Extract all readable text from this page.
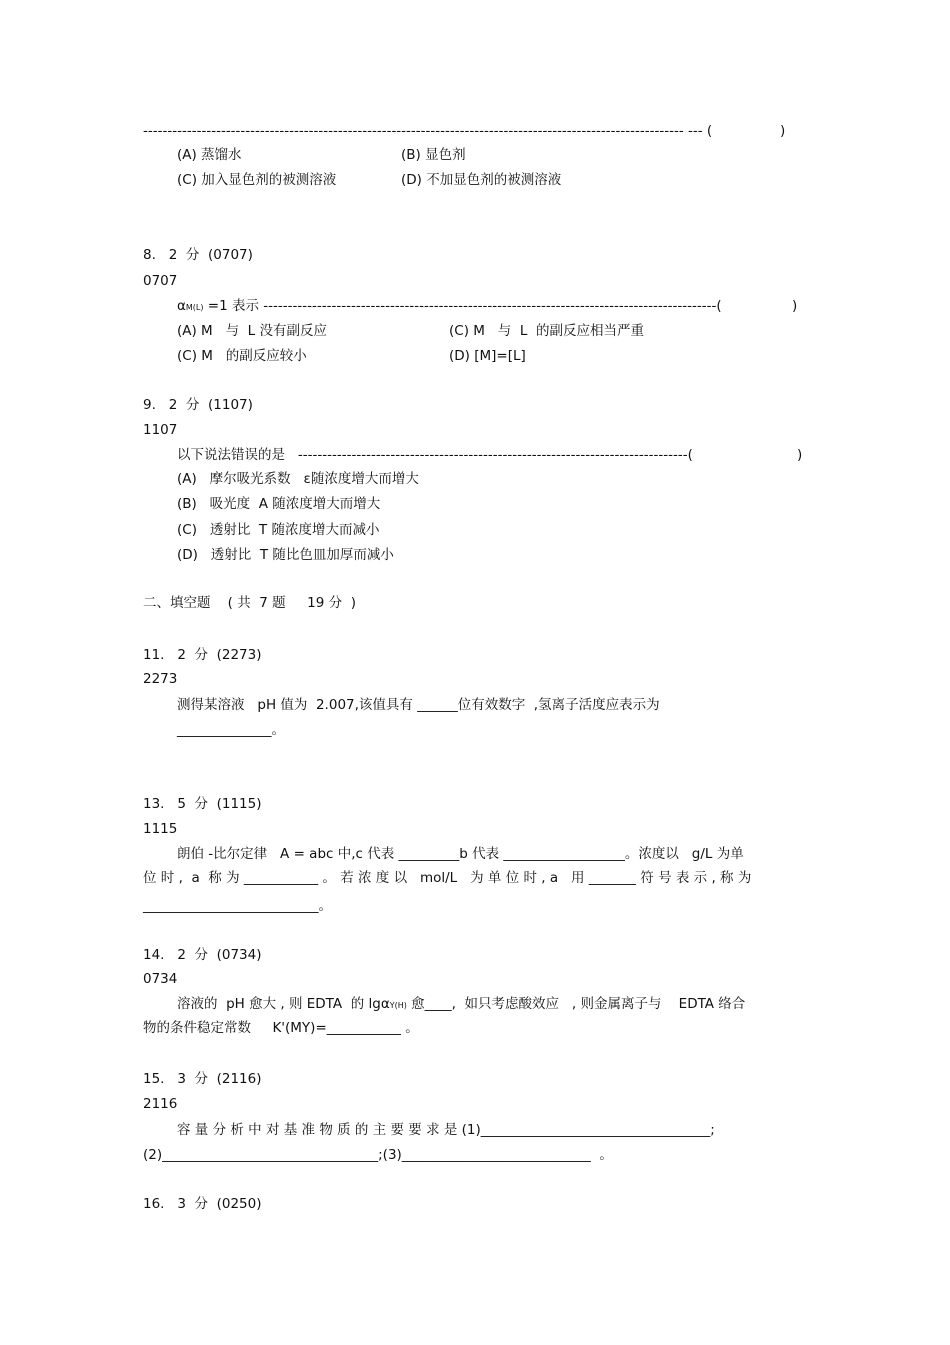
--------------------------------------------------------------------------------------------------------------- --- (	)
(A) 蒸馏水	(B) 显色剂
(C) 加入显色剂的被测溶液	(D) 不加显色剂的被测溶液
8.   2  分  (0707)
0707
αM(L) =1 表示 ---------------------------------------------------------------------------------------------(	)
(A) M   与  L 没有副反应	(C) M   与  L  的副反应相当严重
(C) M   的副反应较小	(D) [M]=[L]
9.   2  分  (1107)
1107
以下说法错误的是   --------------------------------------------------------------------------------(	)
(A)   摩尔吸光系数   ε随浓度增大而增大
(B)   吸光度  A 随浓度增大而增大
(C)   透射比  T 随浓度增大而减小
(D)   透射比  T 随比色皿加厚而减小
二、填空题    ( 共  7 题     19 分  )
11.   2  分  (2273)
2273
测得某溶液   pH 值为  2.007,该值具有 ______位有效数字  ,氢离子活度应表示为
______________。
13.   5  分  (1115)
1115
朗伯 -比尔定律   A = abc 中,c 代表 _________b 代表 __________________。浓度以   g/L 为单
位 时 ,  a  称 为 ___________ 。 若 浓 度 以   mol/L   为 单 位 时 , a   用 _______ 符 号 表 示 , 称 为
__________________________。
14.   2  分  (0734)
0734
溶液的  pH 愈大 , 则 EDTA  的 lgαY(H) 愈____,  如只考虑酸效应   , 则金属离子与    EDTA 络合
物的条件稳定常数     K'(MY)=___________ 。
15.   3  分  (2116)
2116
容 量 分 析 中 对 基 准 物 质 的 主 要 要 求 是 (1)__________________________________;
(2)________________________________;(3)____________________________  。
16.   3  分  (0250)
